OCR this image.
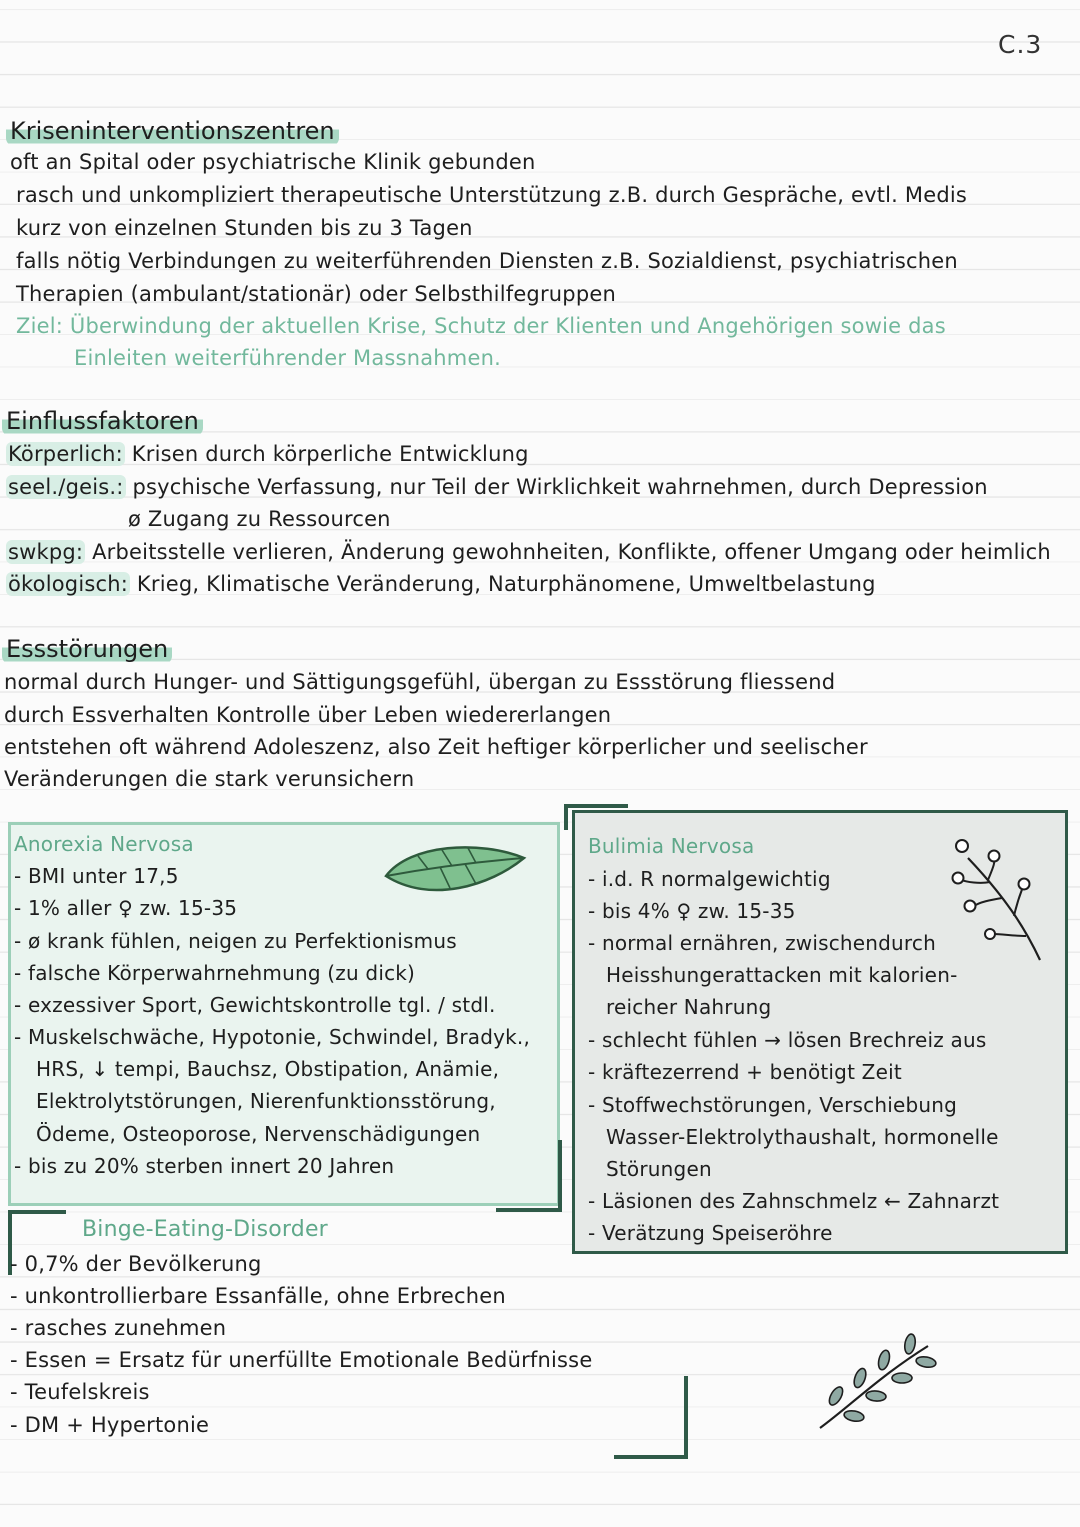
C.3
Kriseninterventionszentren
oft an Spital oder psychiatrische Klinik gebunden
rasch und unkompliziert therapeutische Unterstützung z.B. durch Gespräche, evtl. Medis
kurz von einzelnen Stunden bis zu 3 Tagen
falls nötig Verbindungen zu weiterführenden Diensten z.B. Sozialdienst, psychiatrischen
Therapien (ambulant/stationär) oder Selbsthilfegruppen
Ziel: Überwindung der aktuellen Krise, Schutz der Klienten und Angehörigen sowie das
Einleiten weiterführender Massnahmen.
Einflussfaktoren
Körperlich: Krisen durch körperliche Entwicklung
seel./geis.: psychische Verfassung, nur Teil der Wirklichkeit wahrnehmen, durch Depression
ø Zugang zu Ressourcen
swkpg: Arbeitsstelle verlieren, Änderung gewohnheiten, Konflikte, offener Umgang oder heimlich
ökologisch: Krieg, Klimatische Veränderung, Naturphänomene, Umweltbelastung
Essstörungen
normal durch Hunger- und Sättigungsgefühl, übergan zu Essstörung fliessend
durch Essverhalten Kontrolle über Leben wiedererlangen
entstehen oft während Adoleszenz, also Zeit heftiger körperlicher und seelischer
Veränderungen die stark verunsichern
Anorexia Nervosa
- BMI unter 17,5
- 1% aller ♀ zw. 15-35
- ø krank fühlen, neigen zu Perfektionismus
- falsche Körperwahrnehmung (zu dick)
- exzessiver Sport, Gewichtskontrolle tgl. / stdl.
- Muskelschwäche, Hypotonie, Schwindel, Bradyk.,
HRS, ↓ tempi, Bauchsz, Obstipation, Anämie,
Elektrolytstörungen, Nierenfunktionsstörung,
Ödeme, Osteoporose, Nervenschädigungen
- bis zu 20% sterben innert 20 Jahren
Bulimia Nervosa
- i.d. R normalgewichtig
- bis 4% ♀ zw. 15-35
- normal ernähren, zwischendurch
Heisshungerattacken mit kalorien-
reicher Nahrung
- schlecht fühlen → lösen Brechreiz aus
- kräftezerrend + benötigt Zeit
- Stoffwechstörungen, Verschiebung
Wasser-Elektrolythaushalt, hormonelle
Störungen
- Läsionen des Zahnschmelz ← Zahnarzt
- Verätzung Speiseröhre
Binge-Eating-Disorder
- 0,7% der Bevölkerung
- unkontrollierbare Essanfälle, ohne Erbrechen
- rasches zunehmen
- Essen = Ersatz für unerfüllte Emotionale Bedürfnisse
- Teufelskreis
- DM + Hypertonie
